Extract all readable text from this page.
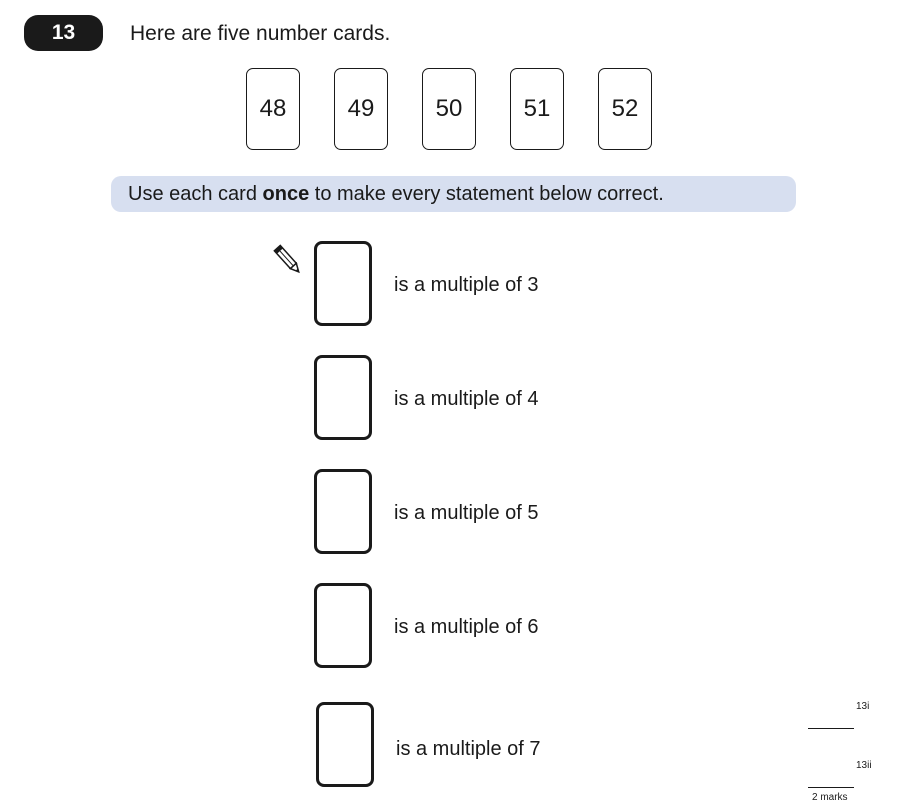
13	Here are five number cards.
48	49	50	51	52
Use each card once to make every statement below correct.
is a multiple of 3
is a multiple of 4
is a multiple of 5
is a multiple of 6
is a multiple of 7
13i
13ii
2 marks
